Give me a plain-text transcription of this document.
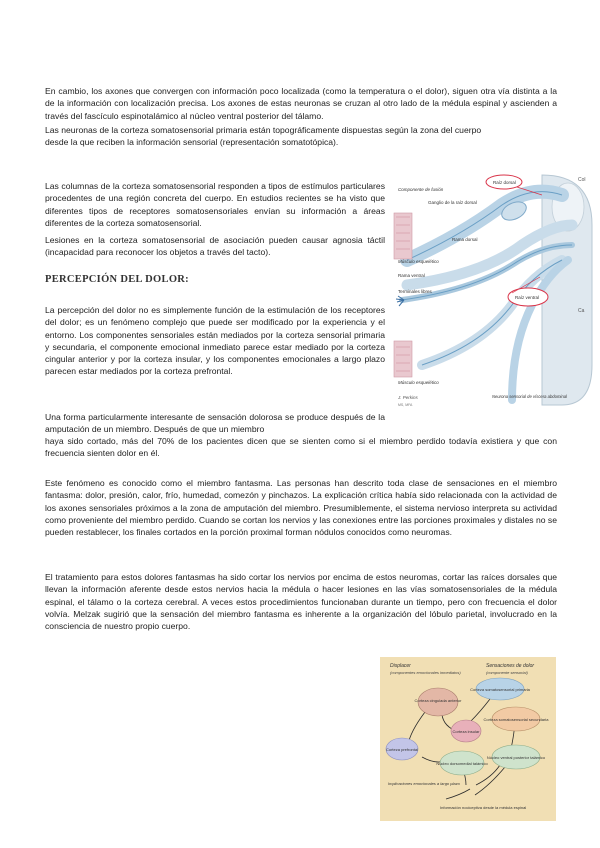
En cambio, los axones que convergen con información poco localizada (como la temperatura o el dolor), siguen otra vía distinta a la de la información con localización precisa. Los axones de estas neuronas se cruzan al otro lado de la médula espinal y ascienden a través del fascículo espinotalámico al núcleo ventral posterior del tálamo.

Las neuronas de la corteza somatosensorial primaria están topográficamente dispuestas según la zona del cuerpo

desde la que reciben la información sensorial (representación somatotópica).

Las columnas de la corteza somatosensorial responden a tipos de estímulos particulares procedentes de una región concreta del cuerpo. En estudios recientes se ha visto que diferentes tipos de receptores somatosensoriales envían su información a áreas diferentes de la corteza somatosensorial.

Lesiones en la corteza somatosensorial de asociación pueden causar agnosia táctil (incapacidad para reconocer los objetos a través del tacto).

PERCEPCIÓN DEL DOLOR:

La percepción del dolor no es simplemente función de la estimulación de los receptores del dolor; es un fenómeno complejo que puede ser modificado por la experiencia y el entorno. Los componentes sensoriales están mediados por la corteza sensorial primaria y secundaria, el componente emocional inmediato parece estar mediado por la corteza cingular anterior y por la corteza insular, y los componentes emocionales a largo plazo parecen estar mediados por la corteza prefrontal.

Una forma particularmente interesante de sensación dolorosa se produce después de la amputación de un miembro. Después de que un miembro

haya sido cortado, más del 70% de los pacientes dicen que se sienten como si el miembro perdido todavía existiera y que con frecuencia sienten dolor en él.

Este fenómeno es conocido como el miembro fantasma. Las personas han descrito toda clase de sensaciones en el miembro fantasma: dolor, presión, calor, frío, humedad, comezón y pinchazos. La explicación crítica había sido relacionada con la actividad de los axones sensoriales próximos a la zona de amputación del miembro. Presumiblemente, el sistema nervioso interpreta su actividad como proveniente del miembro perdido. Cuando se cortan los nervios y las conexiones entre las porciones proximales y distales no se pueden restablecer, los finales cortados en la porción proximal forman nódulos conocidos como neuromas.

El tratamiento para estos dolores fantasmas ha sido cortar los nervios por encima de estos neuromas, cortar las raíces dorsales que llevan la información aferente desde estos nervios hacia la médula o hacer lesiones en las vías somatosensoriales de la médula espinal, el tálamo o la corteza cerebral. A veces estos procedimientos funcionaban durante un tiempo, pero con frecuencia el dolor volvía. Melzak sugirió que la sensación del miembro fantasma es inherente a la organización del lóbulo parietal, involucrado en la consciencia de nuestro propio cuerpo.

Raíz dorsal
Raíz ventral
Componente de fusión
Ganglio de la raíz dorsal
Rama dorsal
Músculo esquelético
Rama ventral
Terminales libres
Músculo esquelético
Neurona sensorial de víscera abdominal
J. Perkins
MS, MFA
Col
Ca
Displacer
(componentes emocionales inmediatos)
Sensaciones de dolor
(componente sensorial)
Corteza cingulada anterior
Corteza somatosensorial primaria
Corteza insular
Corteza somatosensorial secundaria
Corteza prefrontal
Núcleo dorsomedial talámico
Núcleo ventral posterior talámico
Implicaciones emocionales a largo plazo
Información nociceptiva desde la médula espinal
